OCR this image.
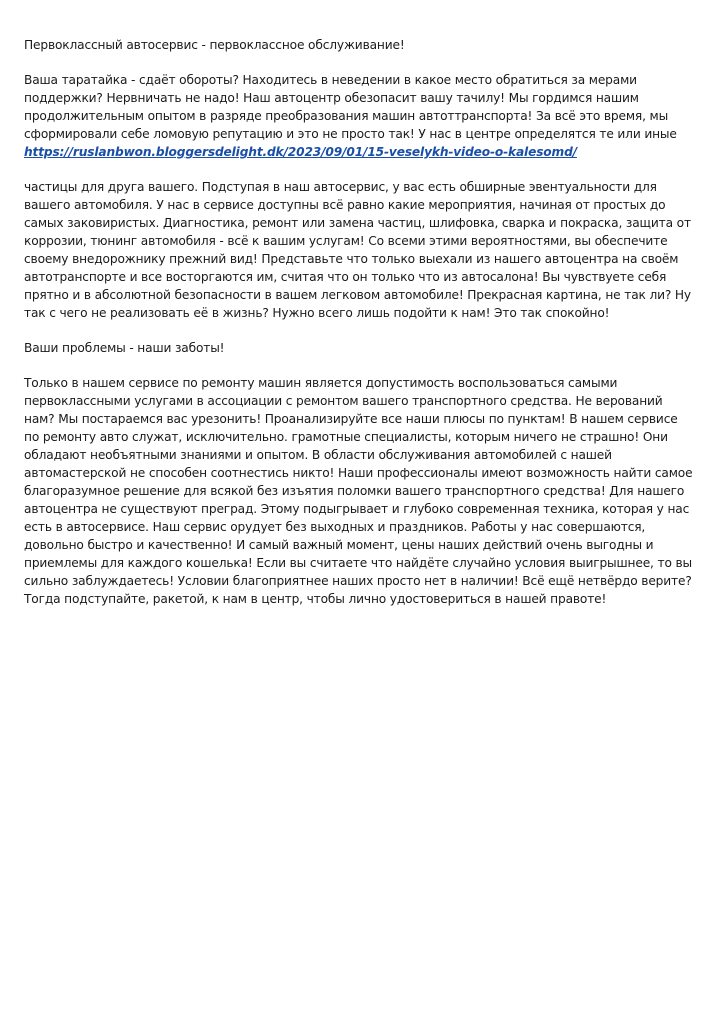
Первоклассный автосервис - первоклассное обслуживание!

Ваша таратайка - сдаёт обороты? Находитесь в неведении в какое место обратиться за мерами поддержки? Нервничать не надо! Наш автоцентр обезопасит вашу тачилу! Мы гордимся нашим продолжительным опытом в разряде преобразования машин автоттранспорта! За всё это время, мы сформировали себе ломовую репутацию и это не просто так! У нас в центре определятся те или иные
https://ruslanbwon.bloggersdelight.dk/2023/09/01/15-veselykh-video-o-kalesomd/

частицы для друга вашего. Подступая в наш автосервис, у вас есть обширные эвентуальности для вашего автомобиля. У нас в сервисе доступны всё равно какие мероприятия, начиная от простых до самых заковиристых. Диагностика, ремонт или замена частиц, шлифовка, сварка и покраска, защита от коррозии, тюнинг автомобиля - всё к вашим услугам! Со всеми этими вероятностями, вы обеспечите своему внедорожнику прежний вид! Представьте что только выехали из нашего автоцентра на своём автотранспорте и все восторгаются им, считая что он только что из автосалона! Вы чувствуете себя прятно и в абсолютной безопасности в вашем легковом автомобиле! Прекрасная картина, не так ли? Ну так с чего не реализовать её в жизнь? Нужно всего лишь подойти к нам! Это так спокойно!

Ваши проблемы - наши заботы!

Только в нашем сервисе по ремонту машин является допустимость воспользоваться самыми первоклассными услугами в ассоциации с ремонтом вашего транспортного средства. Не верований нам? Мы постараемся вас урезонить! Проанализируйте все наши плюсы по пунктам! В нашем сервисе по ремонту авто служат, исключительно. грамотные специалисты, которым ничего не страшно! Они обладают необъятными знаниями и опытом. В области обслуживания автомобилей с нашей автомастерской не способен соотнестись никто! Наши профессионалы имеют возможность найти самое благоразумное решение для всякой без изъятия поломки вашего транспортного средства! Для нашего автоцентра не существуют преград. Этому подыгрывает и глубоко современная техника, которая у нас есть в автосервисе. Наш сервис орудует без выходных и праздников. Работы у нас совершаются, довольно быстро и качественно! И самый важный момент, цены наших действий очень выгодны и приемлемы для каждого кошелька! Если вы считаете что найдёте случайно условия выигрышнее, то вы сильно заблуждаетесь! Условии благоприятнее наших просто нет в наличии! Всё ещё нетвёрдо верите? Тогда подступайте, ракетой, к нам в центр, чтобы лично удостовериться в нашей правоте!
